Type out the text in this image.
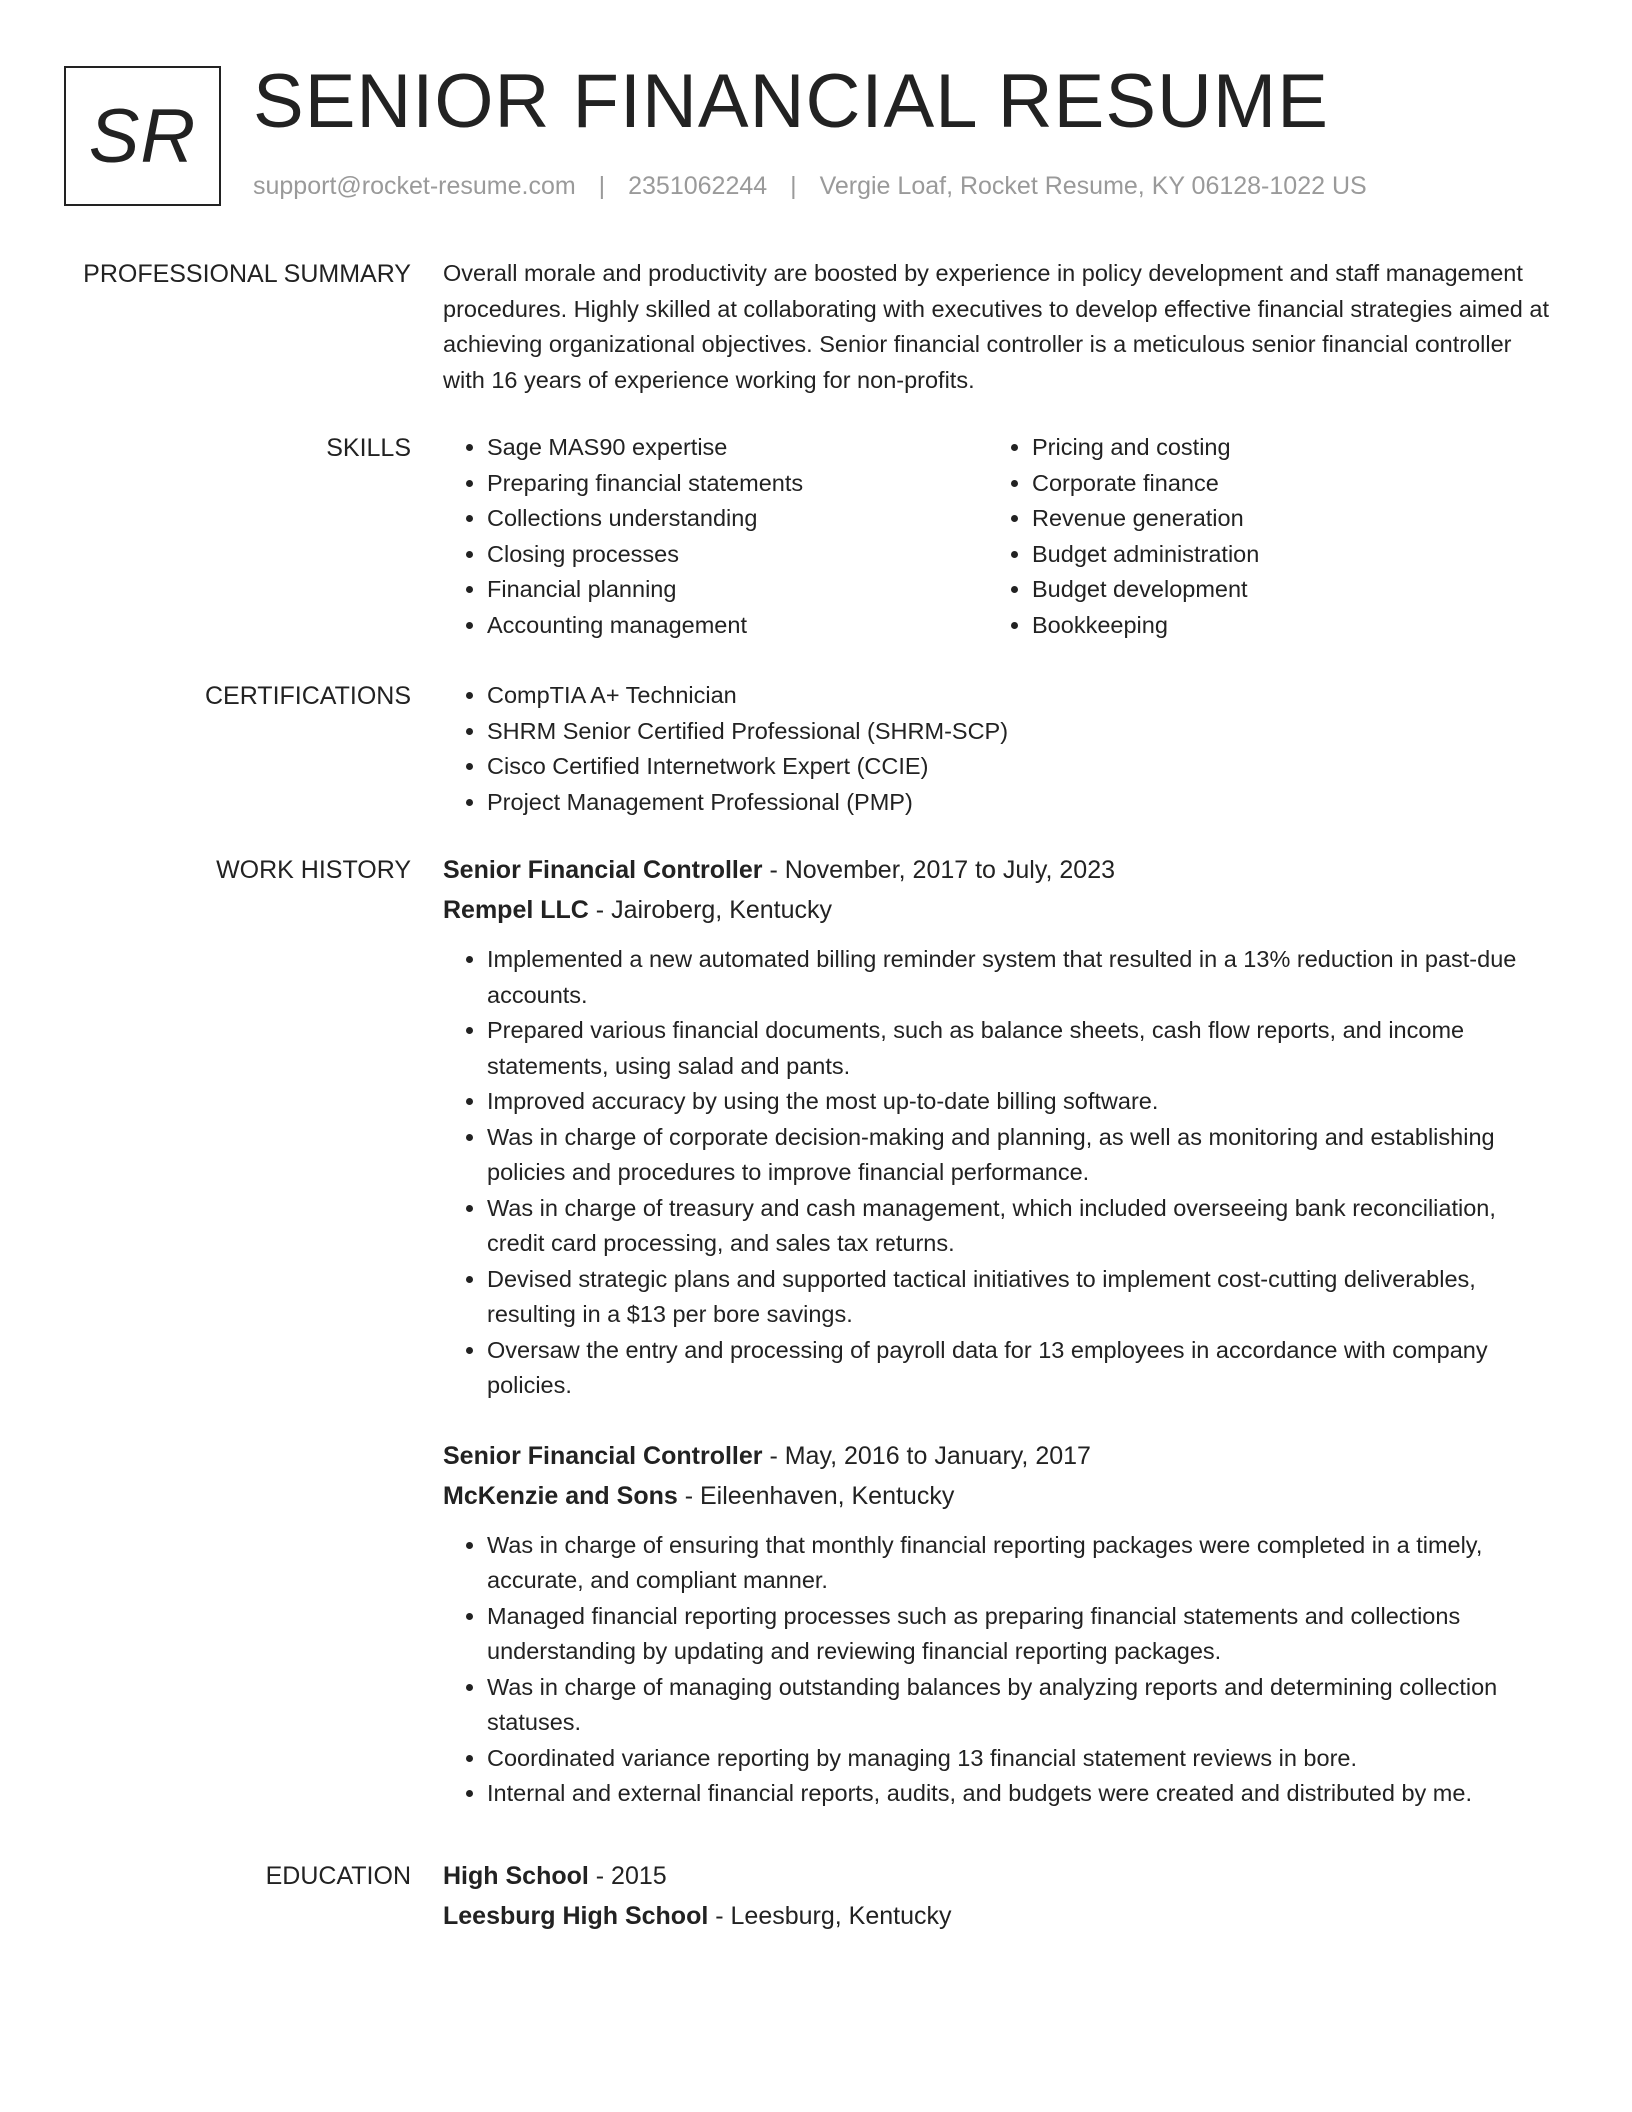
SR SENIOR FINANCIAL RESUME
support@rocket-resume.com | 2351062244 | Vergie Loaf, Rocket Resume, KY 06128-1022 US
PROFESSIONAL SUMMARY Overall morale and productivity are boosted by experience in policy development and staff management procedures. Highly skilled at collaborating with executives to develop effective financial strategies aimed at achieving organizational objectives. Senior financial controller is a meticulous senior financial controller with 16 years of experience working for non-profits.

SKILLS	• Sage MAS90 expertise
• Preparing financial statements
• Collections understanding
• Closing processes
• Financial planning
• Accounting management
• Pricing and costing
• Corporate finance
• Revenue generation
• Budget administration
• Budget development
• Bookkeeping
CERTIFICATIONS	• CompTIA A+ Technician
• SHRM Senior Certified Professional (SHRM-SCP)
• Cisco Certified Internetwork Expert (CCIE)
• Project Management Professional (PMP)
WORK HISTORY Senior Financial Controller - November, 2017 to July, 2023
Rempel LLC - Jairoberg, Kentucky
• Implemented a new automated billing reminder system that resulted in a 13% reduction in past-due accounts.
• Prepared various financial documents, such as balance sheets, cash flow reports, and income statements, using salad and pants.
• Improved accuracy by using the most up-to-date billing software.
• Was in charge of corporate decision-making and planning, as well as monitoring and establishing policies and procedures to improve financial performance.
• Was in charge of treasury and cash management, which included overseeing bank reconciliation, credit card processing, and sales tax returns.
• Devised strategic plans and supported tactical initiatives to implement cost-cutting deliverables, resulting in a $13 per bore savings.
• Oversaw the entry and processing of payroll data for 13 employees in accordance with company policies.
Senior Financial Controller - May, 2016 to January, 2017
McKenzie and Sons - Eileenhaven, Kentucky
• Was in charge of ensuring that monthly financial reporting packages were completed in a timely, accurate, and compliant manner.
• Managed financial reporting processes such as preparing financial statements and collections understanding by updating and reviewing financial reporting packages.
• Was in charge of managing outstanding balances by analyzing reports and determining collection statuses.
• Coordinated variance reporting by managing 13 financial statement reviews in bore.
• Internal and external financial reports, audits, and budgets were created and distributed by me.
EDUCATION High School - 2015
Leesburg High School - Leesburg, Kentucky
